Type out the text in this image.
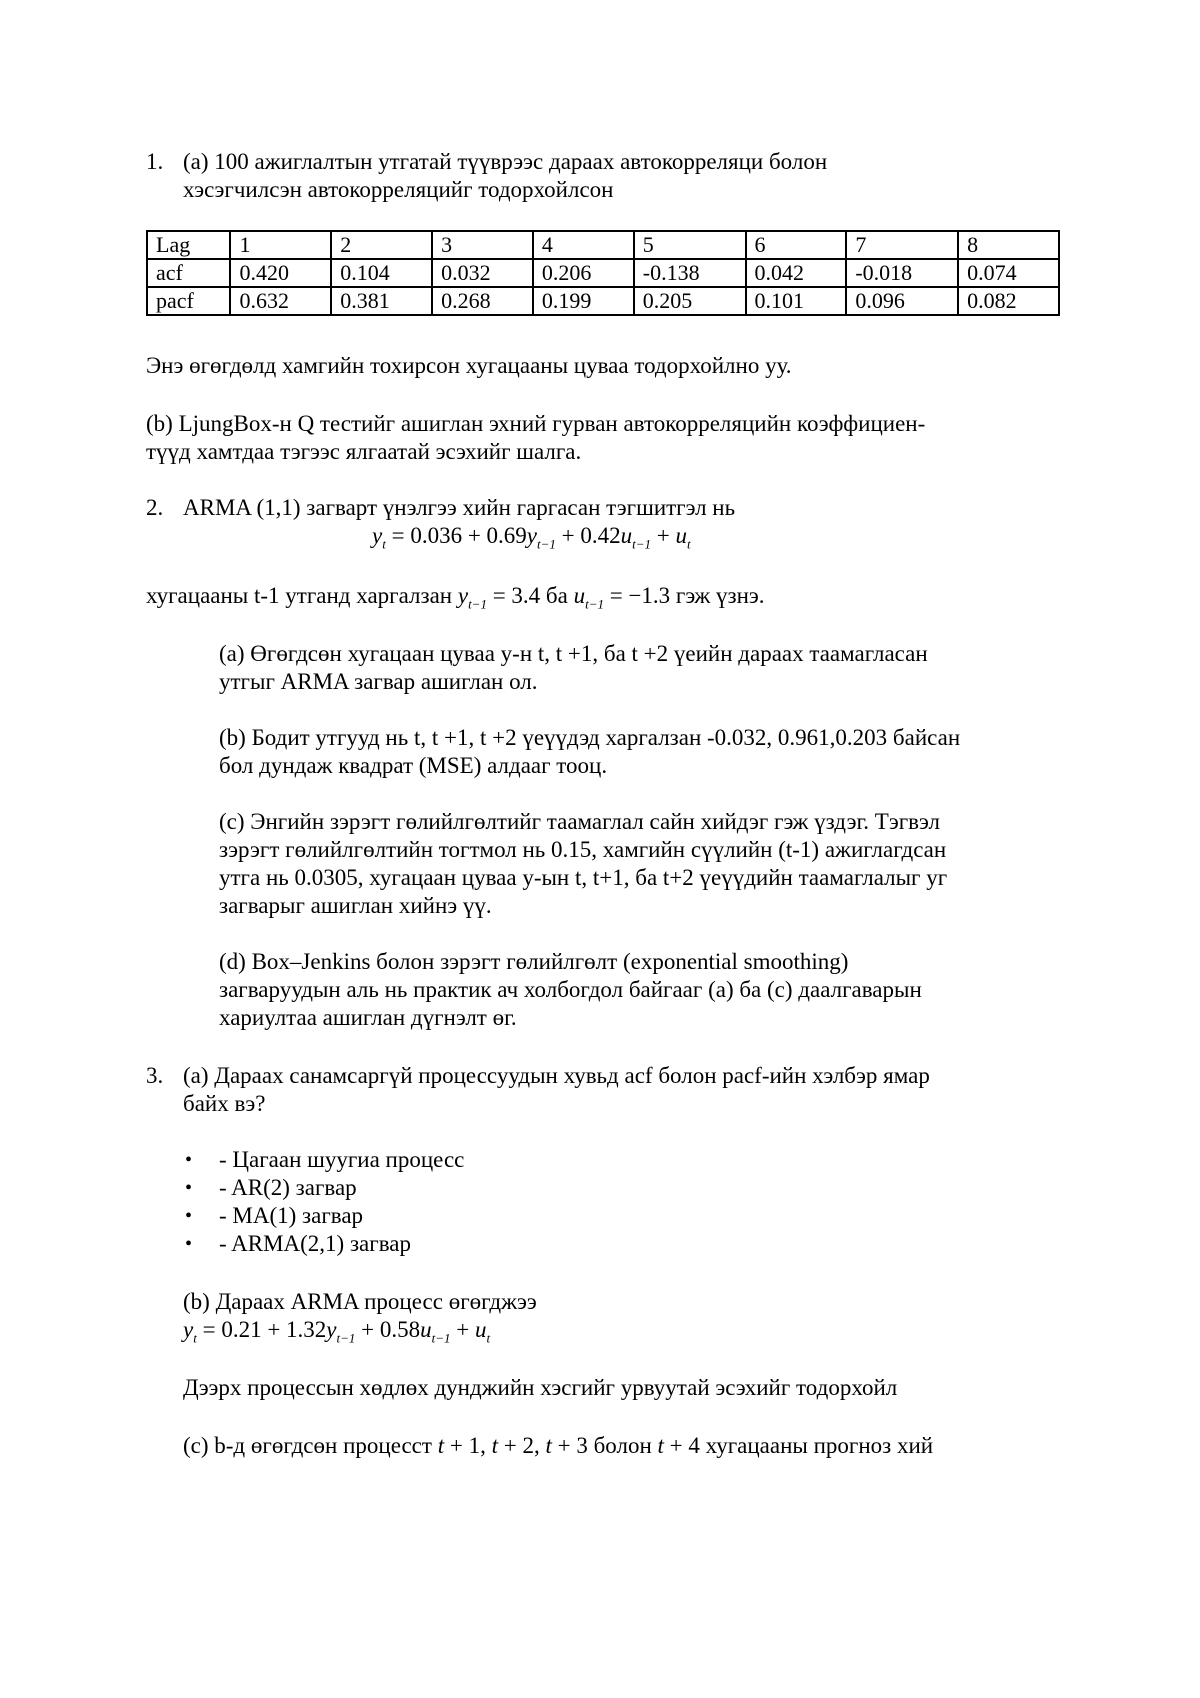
1. (a) 100 ажиглалтын утгатай түүврээс дараах автокорреляци болон
хэсэгчилсэн автокорреляцийг тодорхойлсон
Lag	1	2	3	4	5	6	7	8
acf	0.420	0.104	0.032	0.206	-0.138	0.042	-0.018	0.074
pacf	0.632	0.381	0.268	0.199	0.205	0.101	0.096	0.082
Энэ өгөгдөлд хамгийн тохирсон хугацааны цуваа тодорхойлно уу.
(b) LjungBox-н Q тестийг ашиглан эхний гурван автокорреляцийн коэффициен-
түүд хамтдаа тэгээс ялгаатай эсэхийг шалга.
2. ARMA (1,1) загварт үнэлгээ хийн гаргасан тэгшитгэл нь
$y_t = 0.036 + 0.69y_{t-1} + 0.42u_{t-1} + u_t$
хугацааны t-1 утганд харгалзан $y_{t-1} = 3.4$ ба $u_{t-1} = -1.3$ гэж үзнэ.
(a) Өгөгдсөн хугацаан цуваа y-н t, t +1, ба t +2 үеийн дараах таамагласан
утгыг ARMA загвар ашиглан ол.
(b) Бодит утгууд нь t, t +1, t +2 үеүүдэд харгалзан -0.032, 0.961,0.203 байсан
бол дундаж квадрат (MSE) алдааг тооц.
(c) Энгийн зэрэгт гөлийлгөлтийг таамаглал сайн хийдэг гэж үздэг. Тэгвэл
зэрэгт гөлийлгөлтийн тогтмол нь 0.15, хамгийн сүүлийн (t-1) ажиглагдсан
утга нь 0.0305, хугацаан цуваа y-ын t, t+1, ба t+2 үеүүдийн таамаглалыг уг
загварыг ашиглан хийнэ үү.
(d) Box–Jenkins болон зэрэгт гөлийлгөлт (exponential smoothing)
загваруудын аль нь практик ач холбогдол байгааг (a) ба (c) даалгаварын
хариултаа ашиглан дүгнэлт өг.
3. (a) Дараах санамсаргүй процессуудын хувьд acf болон pacf-ийн хэлбэр ямар
байх вэ?
• - Цагаан шуугиа процесс
• - AR(2) загвар
• - MA(1) загвар
• - ARMA(2,1) загвар
(b) Дараах ARMA процесс өгөгджээ
$y_t = 0.21 + 1.32y_{t-1} + 0.58u_{t-1} + u_t$
Дээрх процессын хөдлөх дунджийн хэсгийг урвуутай эсэхийг тодорхойл
(c) b-д өгөгдсөн процесст t + 1, t + 2, t + 3 болон t + 4 хугацааны прогноз хий
